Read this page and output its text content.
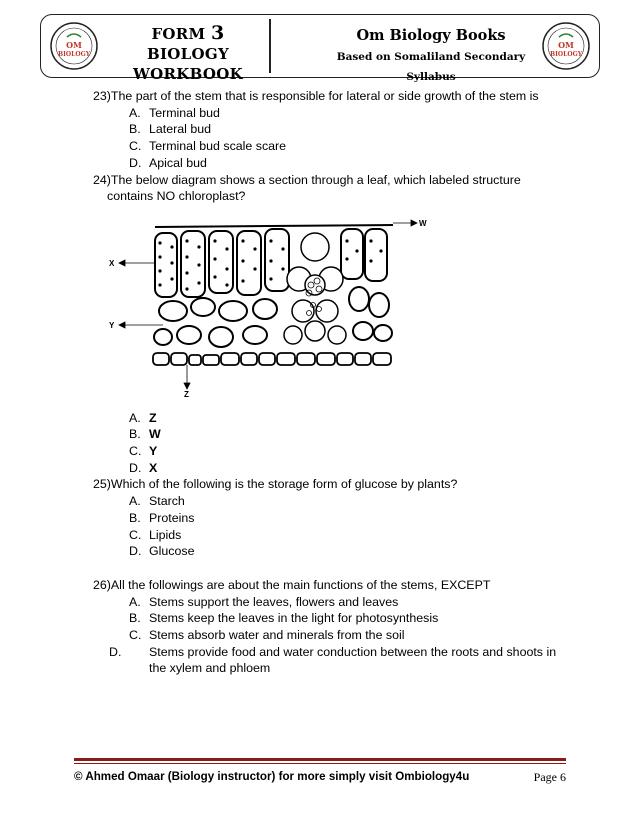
OM
BIOLOGY
FORM 3 BIOLOGY
WORKBOOK
Om Biology Books
Based on Somaliland Secondary Syllabus
OM
BIOLOGY
23)The part of the stem that is responsible for lateral or side growth of the stem is
A. Terminal bud
B. Lateral bud
C. Terminal bud scale scare
D. Apical bud
24)The below diagram shows a section through a leaf, which labeled structure
contains NO chloroplast?
W
X
Y
Z
A. Z
B. W
C. Y
D. X
25)Which of the following is the storage form of glucose by plants?
A. Starch
B. Proteins
C. Lipids
D. Glucose
26)All the followings are about the main functions of the stems, EXCEPT
A. Stems support the leaves, flowers and leaves
B. Stems keep the leaves in the light for photosynthesis
C. Stems absorb water and minerals from the soil
D. Stems provide food and water conduction between the roots and shoots in the xylem and phloem
© Ahmed Omaar (Biology instructor) for more simply visit Ombiology4u	Page 6
